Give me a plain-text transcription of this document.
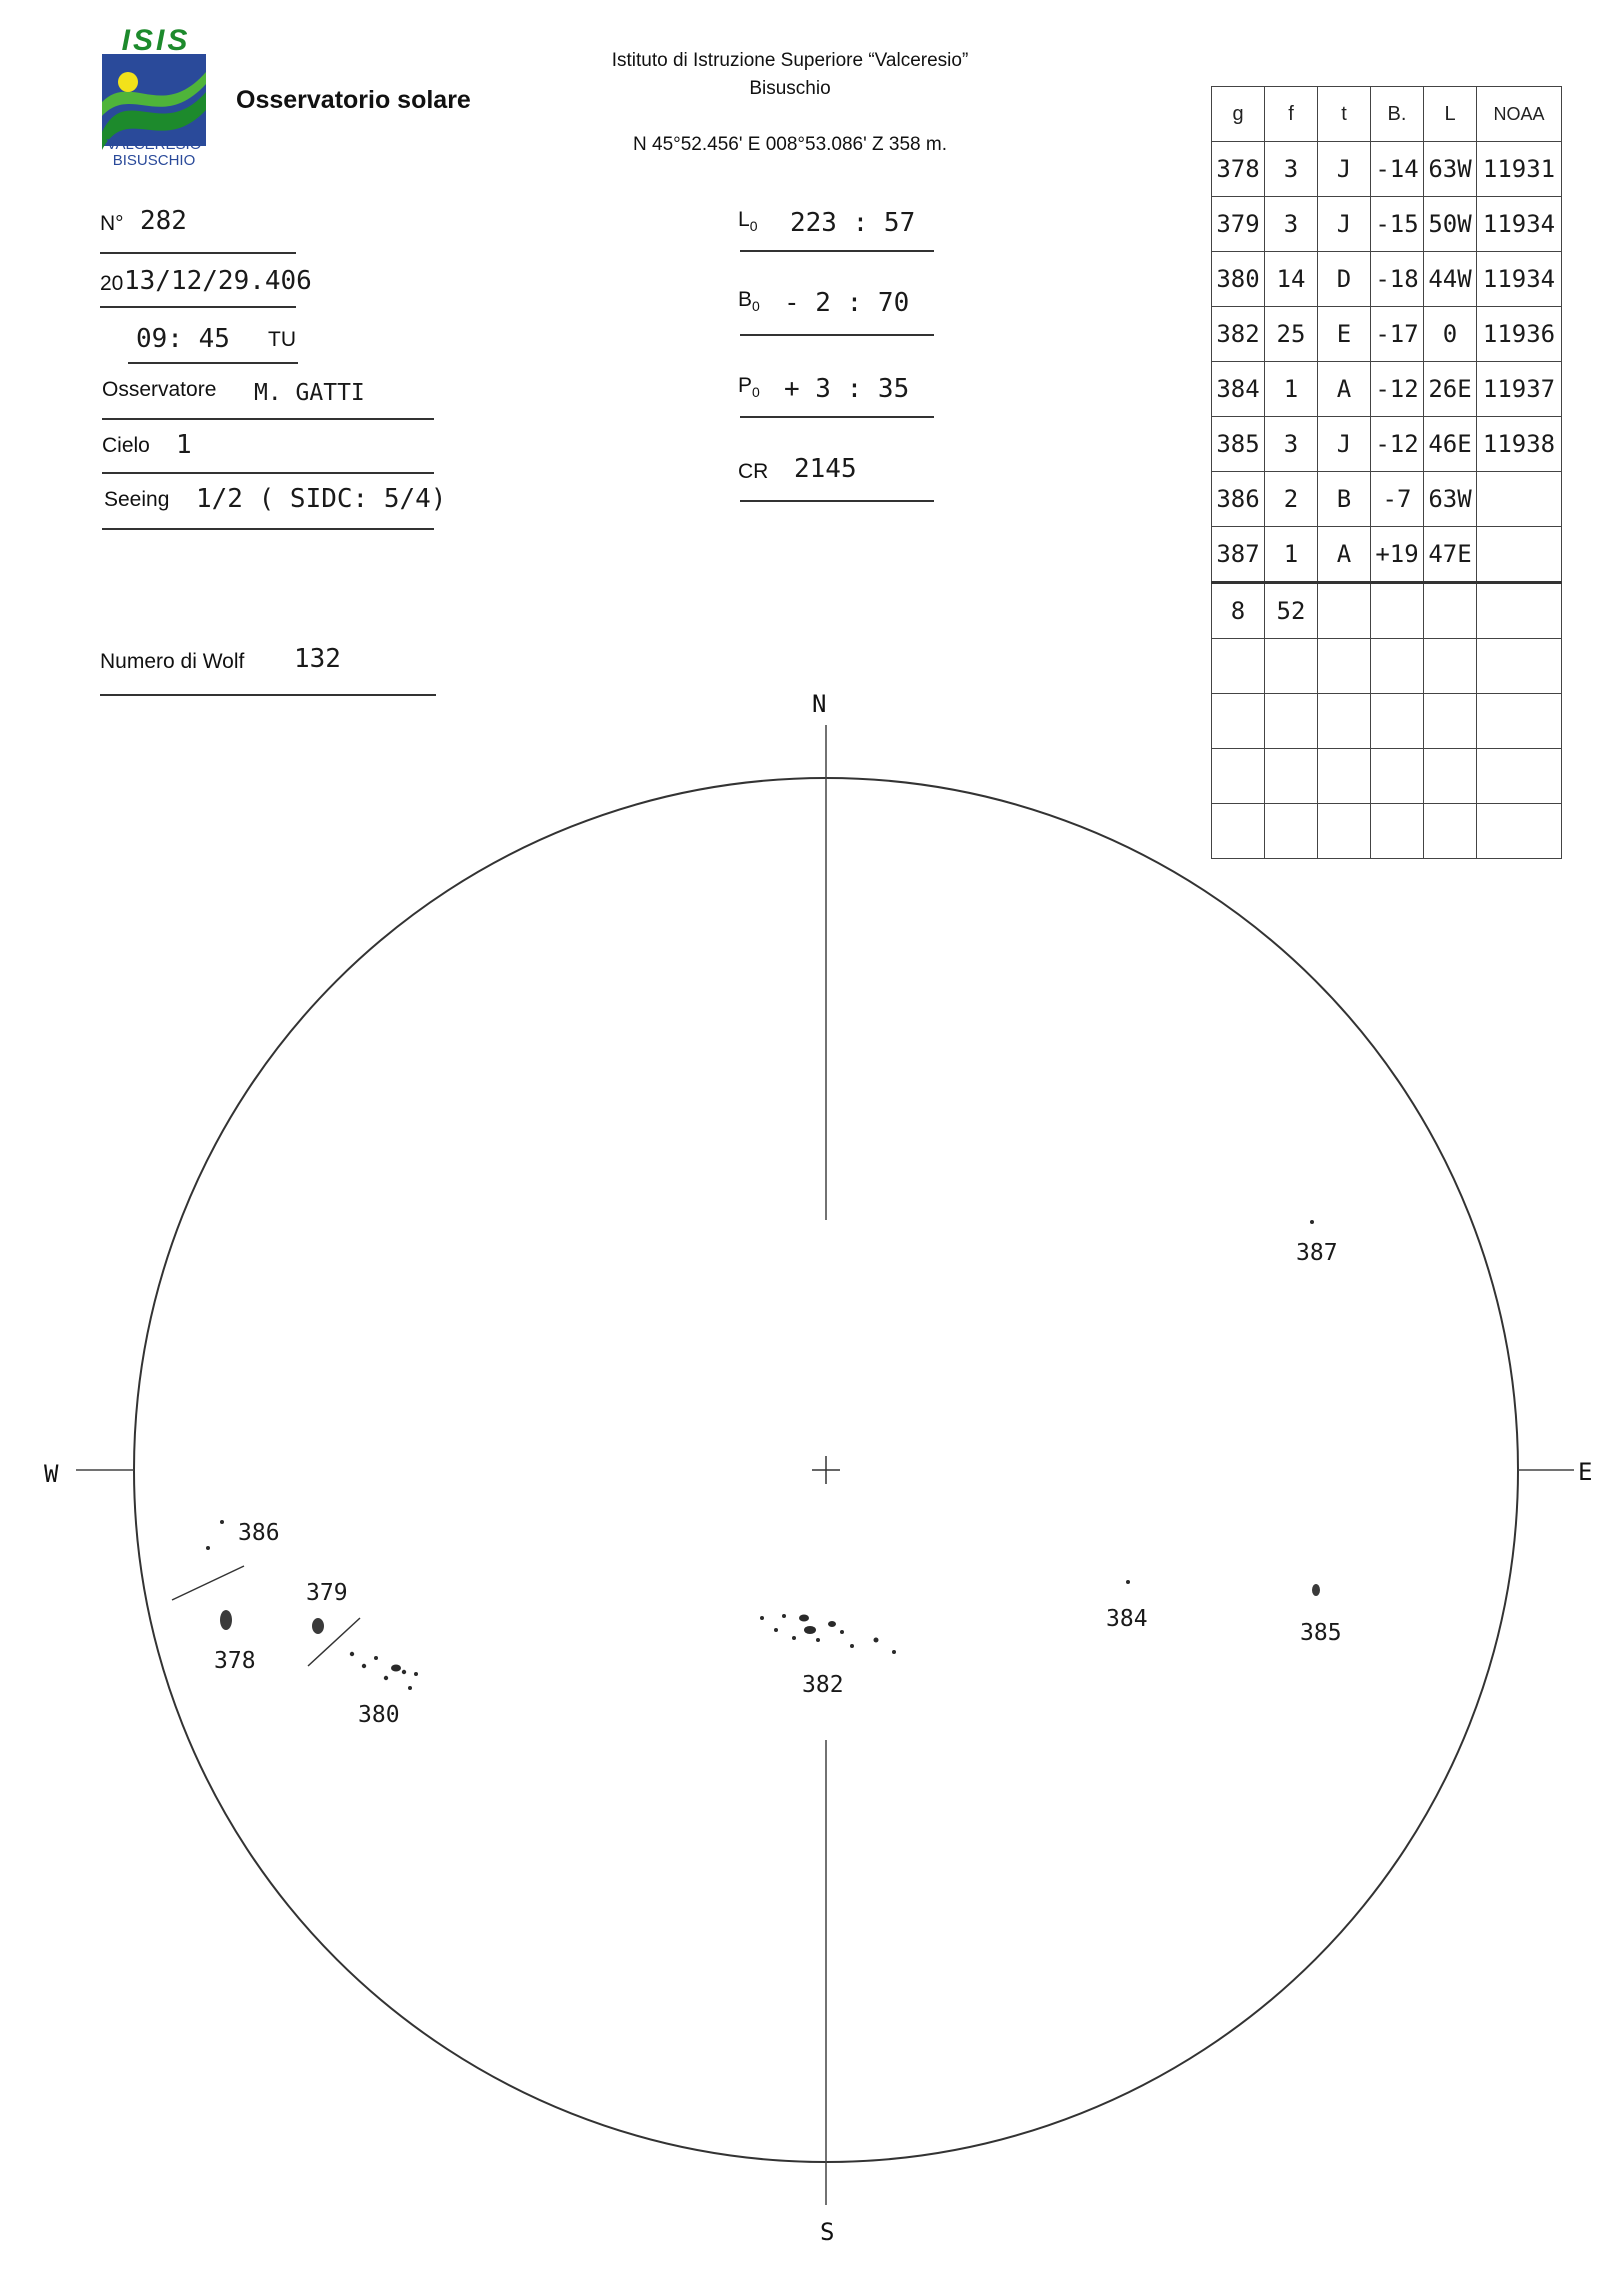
ISIS
VALCERESIO
BISUSCHIO
Osservatorio solare
Istituto di Istruzione Superiore “Valceresio”
Bisuschio
N 45°52.456' E 008°53.086' Z 358 m.
N° 282
20 13/12/29.406
09: 45 TU
Osservatore M. GATTI
Cielo 1
Seeing 1/2 ( SIDC: 5/4)
Numero di Wolf 132
$L_0$ 223 : 57
$B_0 - 2$ : 70
$P_0 + 3$ : 35
CR 2145
g	f	t	B.	L	NOAA
378	3	J	-14	63W	11931
379	3	J	-15	50W	11934
380	14	D	-18	44W	11934
382	25	E	-17	0	11936
384	1	A	-12	26E	11937
385	3	J	-12	46E	11938
386	2	B	-7	63W	
387	1	A	+19	47E	
8	52				

N
S
W	E
387
386
379
378
380
382
384
385
